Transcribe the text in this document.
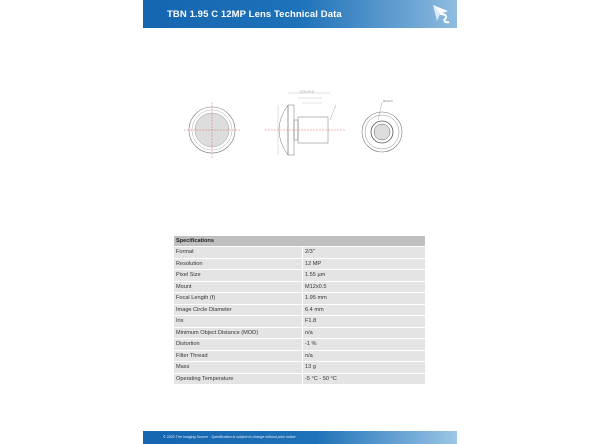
TBN 1.95 C 12MP Lens Technical Data
17.5 (+/-0.1)
M12x0.5
Specifications	
Format	2/3"
Resolution	12 MP
Pixel Size	1.55 µm
Mount	M12x0.5
Focal Length (f)	1.95 mm
Image Circle Diameter	6.4 mm
Iris	F1.8
Minimum Object Distance (MOD)	n/a
Distortion	-1 %
Filter Thread	n/a
Mass	13 g
Operating Temperature	-5 °C - 50 °C
© 2020 The Imaging Source · Specification is subject to change without prior notice
